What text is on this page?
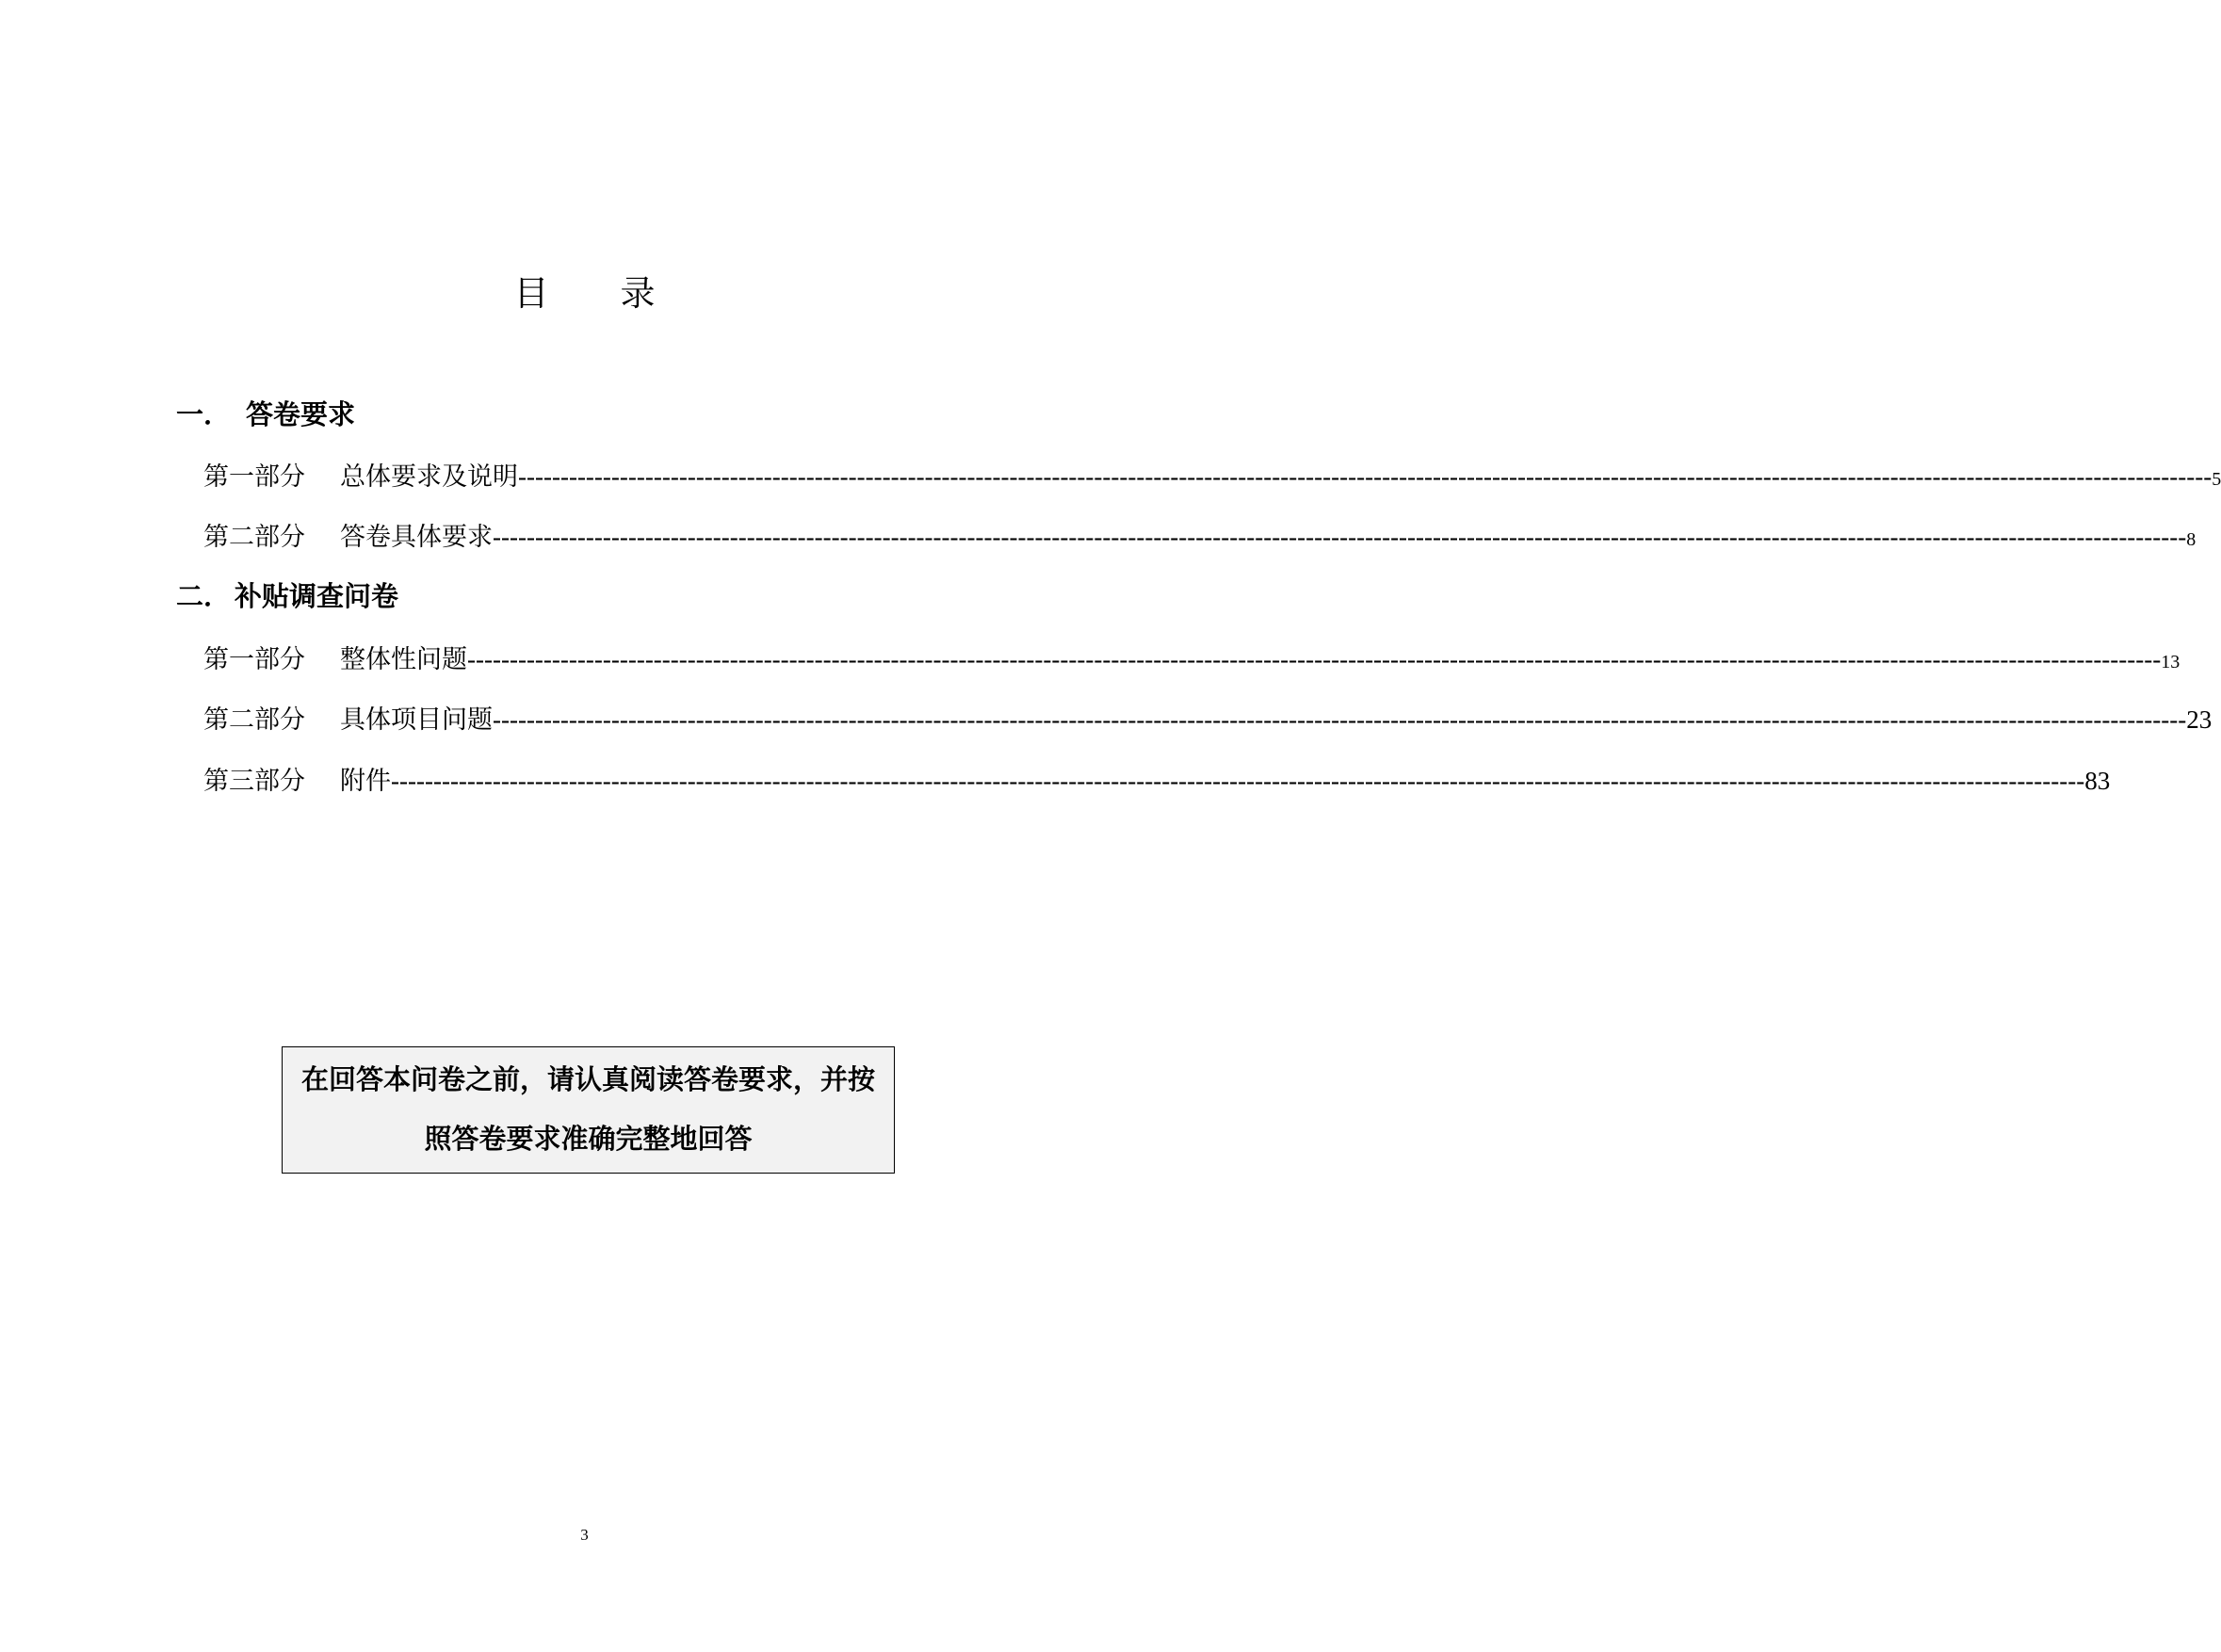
目录
一． 答卷要求
第一部分	总体要求及说明 -------------------------------------------------------------------------------------------------------------------------------------------------------------------------------------------------------- 5
第二部分	答卷具体要求 -------------------------------------------------------------------------------------------------------------------------------------------------------------------------------------------------------- 8
二． 补贴调查问卷
第一部分	整体性问题 -------------------------------------------------------------------------------------------------------------------------------------------------------------------------------------------------------- 13
第二部分	具体项目问题 -------------------------------------------------------------------------------------------------------------------------------------------------------------------------------------------------------- 23
第三部分	附件 -------------------------------------------------------------------------------------------------------------------------------------------------------------------------------------------------------- 83
在回答本问卷之前，请认真阅读答卷要求，并按
照答卷要求准确完整地回答
3
